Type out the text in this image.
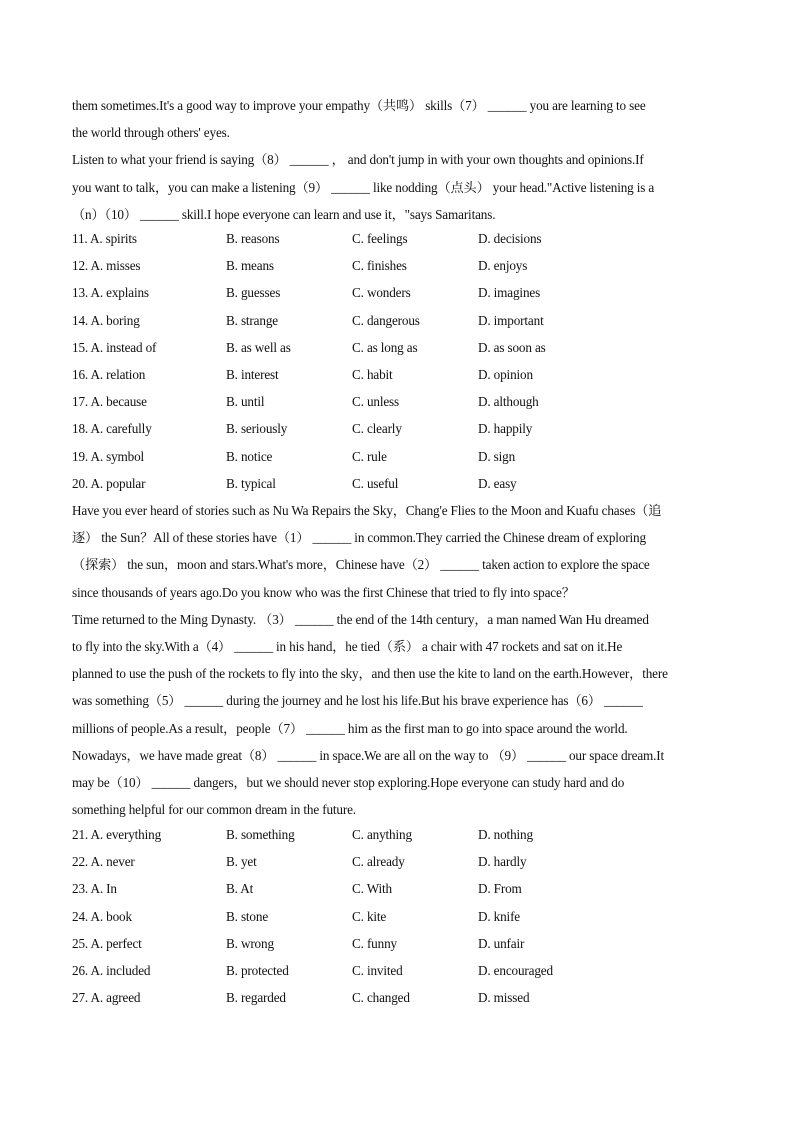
them sometimes.It's a good way to improve your empathy（共鸣） skills（7） ______ you are learning to see

the world through others' eyes.

Listen to what your friend is saying（8） ______ ， and don't jump in with your own thoughts and opinions.If

you want to talk，you can make a listening（9） ______ like nodding（点头） your head."Active listening is a

（n）（10） ______ skill.I hope everyone can learn and use it，"says Samaritans.

11. A. spirits	B. reasons	C. feelings	D. decisions
12. A. misses	B. means	C. finishes	D. enjoys
13. A. explains	B. guesses	C. wonders	D. imagines
14. A. boring	B. strange	C. dangerous	D. important
15. A. instead of	B. as well as	C. as long as	D. as soon as
16. A. relation	B. interest	C. habit	D. opinion
17. A. because	B. until	C. unless	D. although
18. A. carefully	B. seriously	C. clearly	D. happily
19. A. symbol	B. notice	C. rule	D. sign
20. A. popular	B. typical	C. useful	D. easy

Have you ever heard of stories such as Nu Wa Repairs the Sky，Chang'e Flies to the Moon and Kuafu chases（追

逐） the Sun？All of these stories have（1） ______ in common.They carried the Chinese dream of exploring

（探索） the sun，moon and stars.What's more，Chinese have（2） ______ taken action to explore the space

since thousands of years ago.Do you know who was the first Chinese that tried to fly into space？

Time returned to the Ming Dynasty. （3） ______ the end of the 14th century，a man named Wan Hu dreamed

to fly into the sky.With a（4） ______ in his hand，he tied（系） a chair with 47 rockets and sat on it.He

planned to use the push of the rockets to fly into the sky，and then use the kite to land on the earth.However，there

was something（5） ______ during the journey and he lost his life.But his brave experience has（6） ______

millions of people.As a result，people（7） ______ him as the first man to go into space around the world.

Nowadays，we have made great（8） ______ in space.We are all on the way to （9） ______ our space dream.It

may be（10） ______ dangers，but we should never stop exploring.Hope everyone can study hard and do

something helpful for our common dream in the future.

21. A. everything	B. something	C. anything	D. nothing
22. A. never	B. yet	C. already	D. hardly
23. A. In	B. At	C. With	D. From
24. A. book	B. stone	C. kite	D. knife
25. A. perfect	B. wrong	C. funny	D. unfair
26. A. included	B. protected	C. invited	D. encouraged
27. A. agreed	B. regarded	C. changed	D. missed
